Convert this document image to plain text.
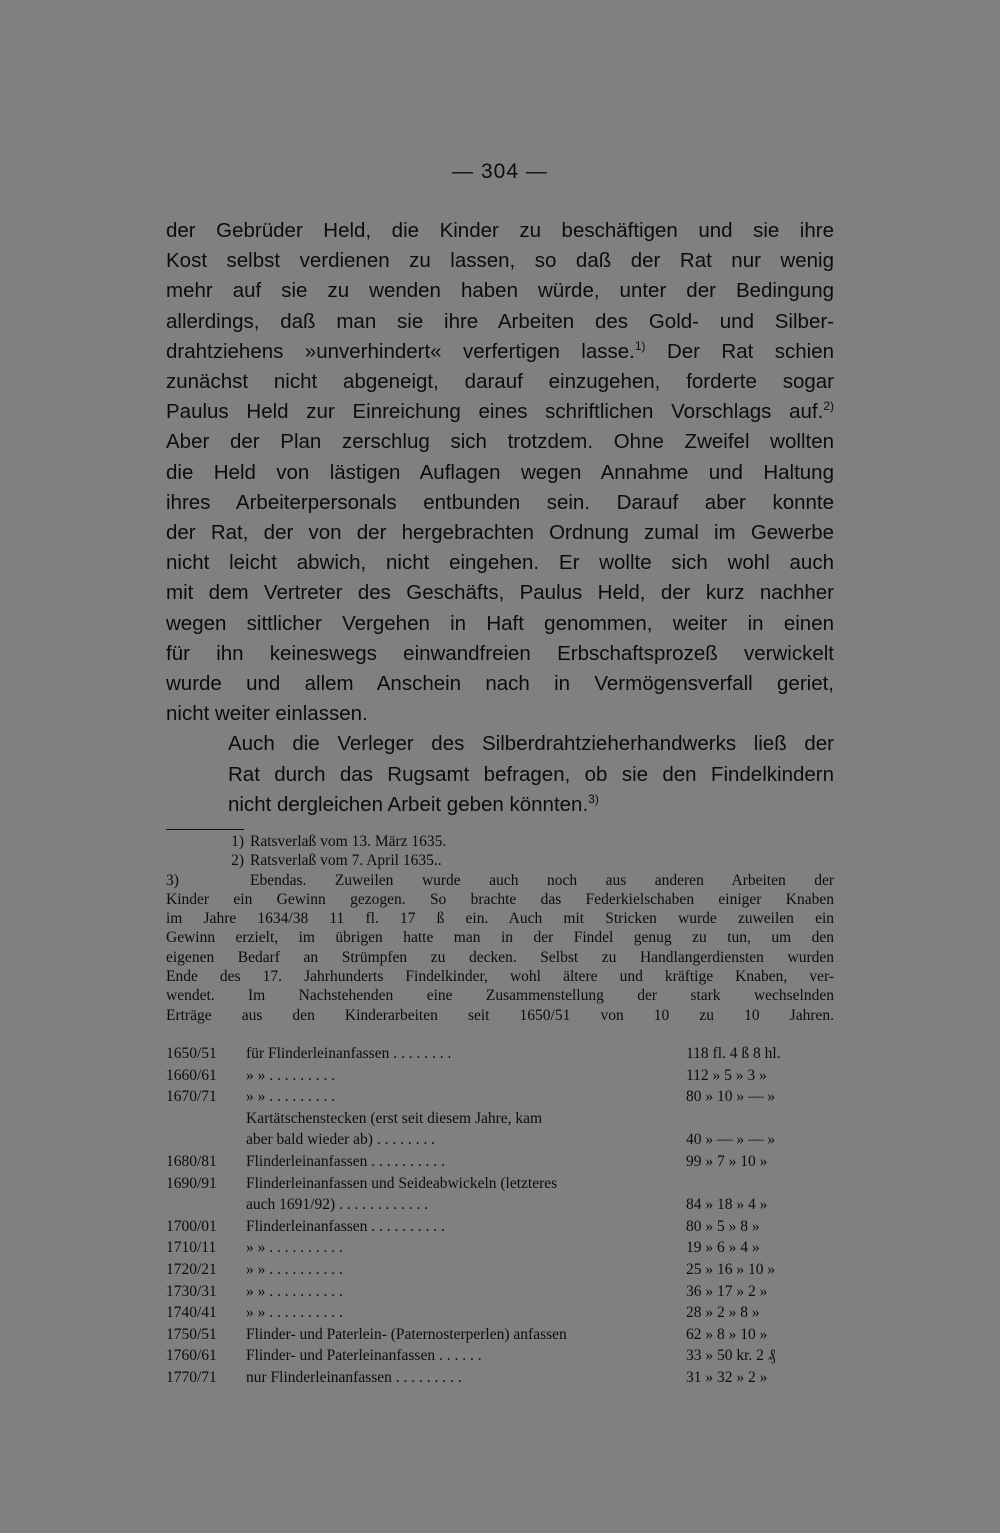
— 304 —

der Gebrüder Held, die Kinder zu beschäftigen und sie ihre
Kost selbst verdienen zu lassen, so daß der Rat nur wenig
mehr auf sie zu wenden haben würde, unter der Bedingung
allerdings, daß man sie ihre Arbeiten des Gold- und Silber-
drahtziehens »unverhindert« verfertigen lasse.$^{1)}$ Der Rat schien
zunächst nicht abgeneigt, darauf einzugehen, forderte sogar
Paulus Held zur Einreichung eines schriftlichen Vorschlags auf.$^{2)}$
Aber der Plan zerschlug sich trotzdem. Ohne Zweifel wollten
die Held von lästigen Auflagen wegen Annahme und Haltung
ihres Arbeiterpersonals entbunden sein. Darauf aber konnte
der Rat, der von der hergebrachten Ordnung zumal im Gewerbe
nicht leicht abwich, nicht eingehen. Er wollte sich wohl auch
mit dem Vertreter des Geschäfts, Paulus Held, der kurz nachher
wegen sittlicher Vergehen in Haft genommen, weiter in einen
für ihn keineswegs einwandfreien Erbschaftsprozeß verwickelt
wurde und allem Anschein nach in Vermögensverfall geriet,
nicht weiter einlassen.

Auch die Verleger des Silberdrahtzieherhandwerks ließ der
Rat durch das Rugsamt befragen, ob sie den Findelkindern
nicht dergleichen Arbeit geben könnten.$^{3)}$

1) Ratsverlaß vom 13. März 1635.
2) Ratsverlaß vom 7. April 1635..
3)	Ebendas. Zuweilen wurde auch noch aus anderen Arbeiten der
Kinder ein Gewinn gezogen. So brachte das Federkielschaben einiger Knaben
im Jahre 1634/38 11 fl. 17 ß ein. Auch mit Stricken wurde zuweilen ein
Gewinn erzielt, im übrigen hatte man in der Findel genug zu tun, um den
eigenen Bedarf an Strümpfen zu decken. Selbst zu Handlangerdiensten wurden
Ende des 17. Jahrhunderts Findelkinder, wohl ältere und kräftige Knaben, ver-
wendet. Im Nachstehenden eine Zusammenstellung der stark wechselnden
Erträge aus den Kinderarbeiten seit 1650/51 von 10 zu 10 Jahren.
1650/51	für Flinderleinanfassen . . . . . . . .	118 fl. 4 ß 8 hl.
1660/61	» » . . . . . . . . .	112 » 5 » 3 »
1670/71	» » . . . . . . . . .	80 » 10 » — »
Kartätschenstecken (erst seit diesem Jahre, kam
aber bald wieder ab) . . . . . . . .	40 » — » — »
1680/81	Flinderleinanfassen . . . . . . . . . .	99 » 7 » 10 »
1690/91	Flinderleinanfassen und Seideabwickeln (letzteres
auch 1691/92) . . . . . . . . . . . .	84 » 18 » 4 »
1700/01	Flinderleinanfassen . . . . . . . . . .	80 » 5 » 8 »
1710/11	» » . . . . . . . . . .	19 » 6 » 4 »
1720/21	» » . . . . . . . . . .	25 » 16 » 10 »
1730/31	» » . . . . . . . . . .	36 » 17 » 2 »
1740/41	» » . . . . . . . . . .	28 » 2 » 8 »
1750/51	Flinder- und Paterlein- (Paternosterperlen) anfassen	62 » 8 » 10 »
1760/61	Flinder- und Paterleinanfassen . . . . . .	33 » 50 kr. 2 ₰
1770/71	nur Flinderleinanfassen . . . . . . . . .	31 » 32 » 2 »
